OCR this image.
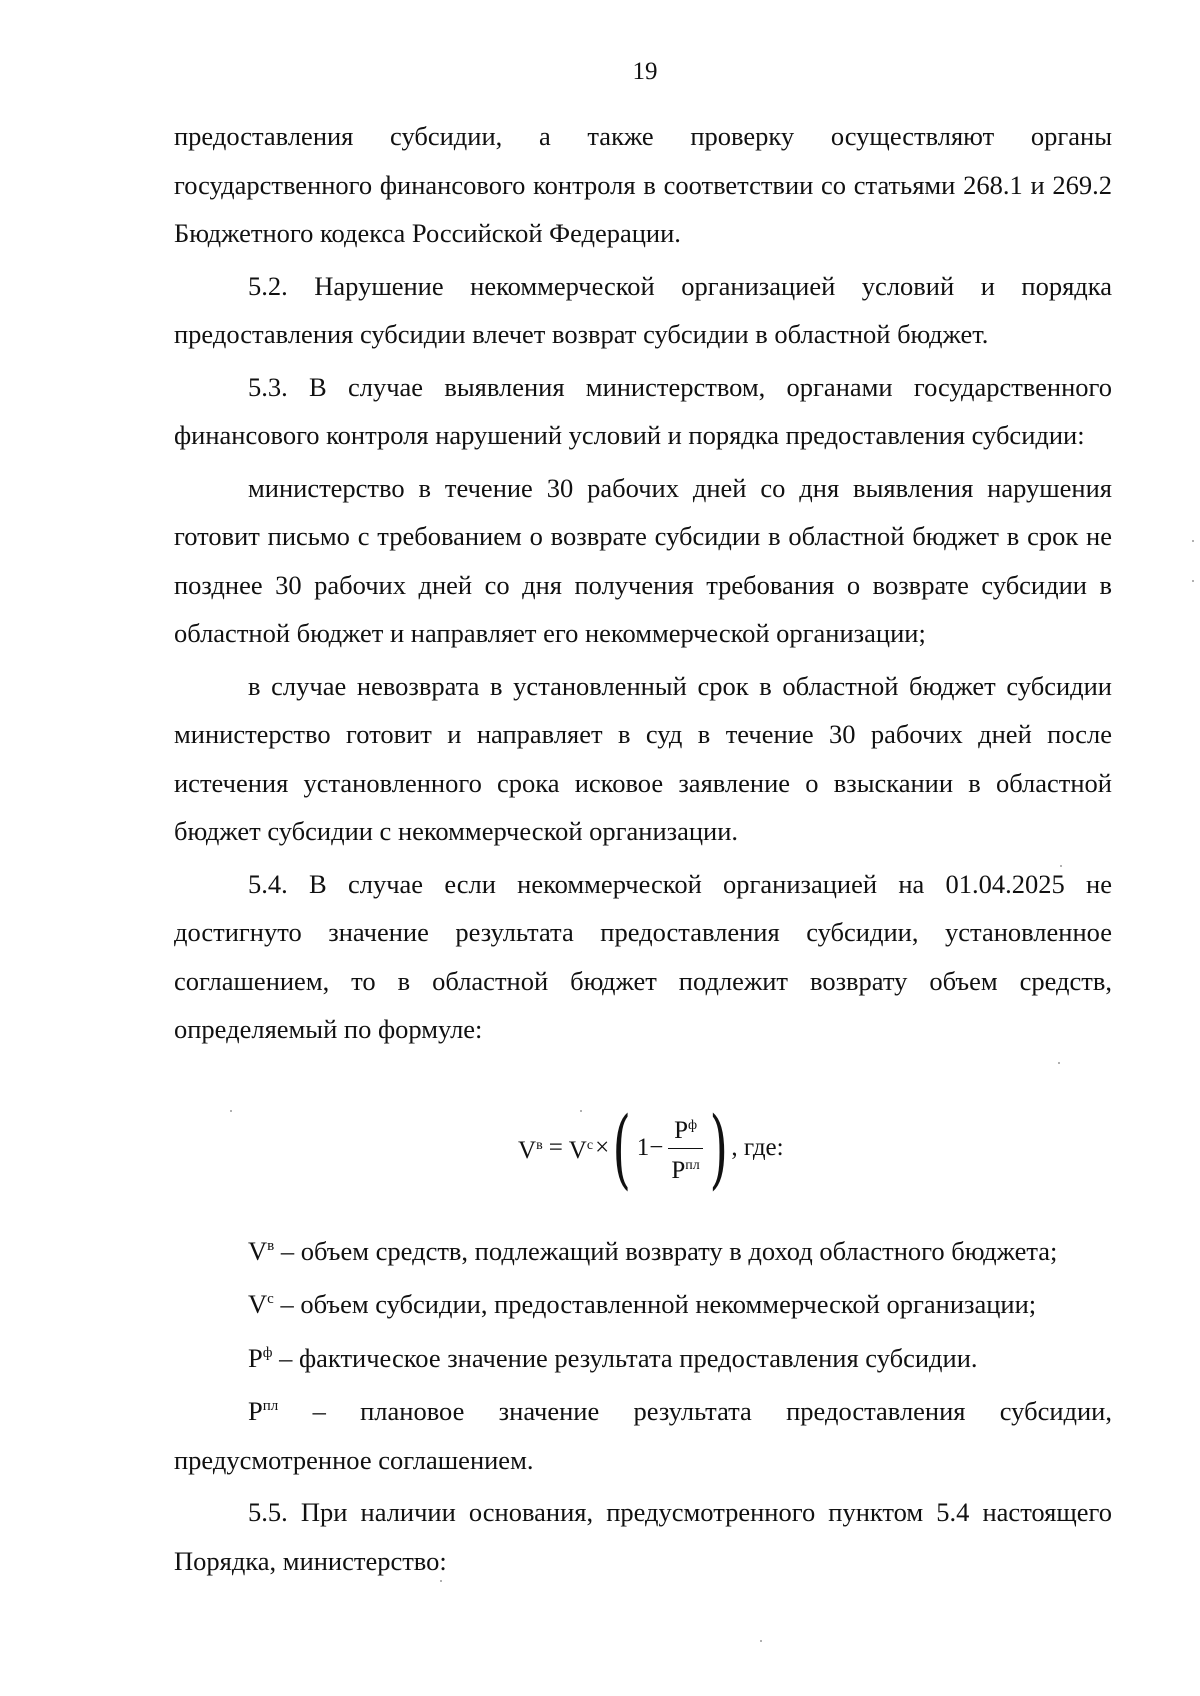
19

предоставления субсидии, а также проверку осуществляют органы государственного финансового контроля в соответствии со статьями 268.1 и 269.2 Бюджетного кодекса Российской Федерации.

5.2. Нарушение некоммерческой организацией условий и порядка предоставления субсидии влечет возврат субсидии в областной бюджет.

5.3. В случае выявления министерством, органами государственного финансового контроля нарушений условий и порядка предоставления субсидии:

министерство в течение 30 рабочих дней со дня выявления нарушения готовит письмо с требованием о возврате субсидии в областной бюджет в срок не позднее 30 рабочих дней со дня получения требования о возврате субсидии в областной бюджет и направляет его некоммерческой организации;

в случае невозврата в установленный срок в областной бюджет субсидии министерство готовит и направляет в суд в течение 30 рабочих дней после истечения установленного срока исковое заявление о взыскании в областной бюджет субсидии с некоммерческой организации.

5.4. В случае если некоммерческой организацией на 01.04.2025 не достигнуто значение результата предоставления субсидии, установленное соглашением, то в областной бюджет подлежит возврату объем средств, определяемый по формуле:

$V^в = V^с$ × ( $1- \frac{Р^ф}{Р^{пл}}$ ) , где:

$V^в$ – объем средств, подлежащий возврату в доход областного бюджета;

$V^с$ – объем субсидии, предоставленной некоммерческой организации;

$Р^ф$ – фактическое значение результата предоставления субсидии.

$Р^{пл}$ – плановое значение результата предоставления субсидии, предусмотренное соглашением.

5.5. При наличии основания, предусмотренного пунктом 5.4 настоящего Порядка, министерство:
